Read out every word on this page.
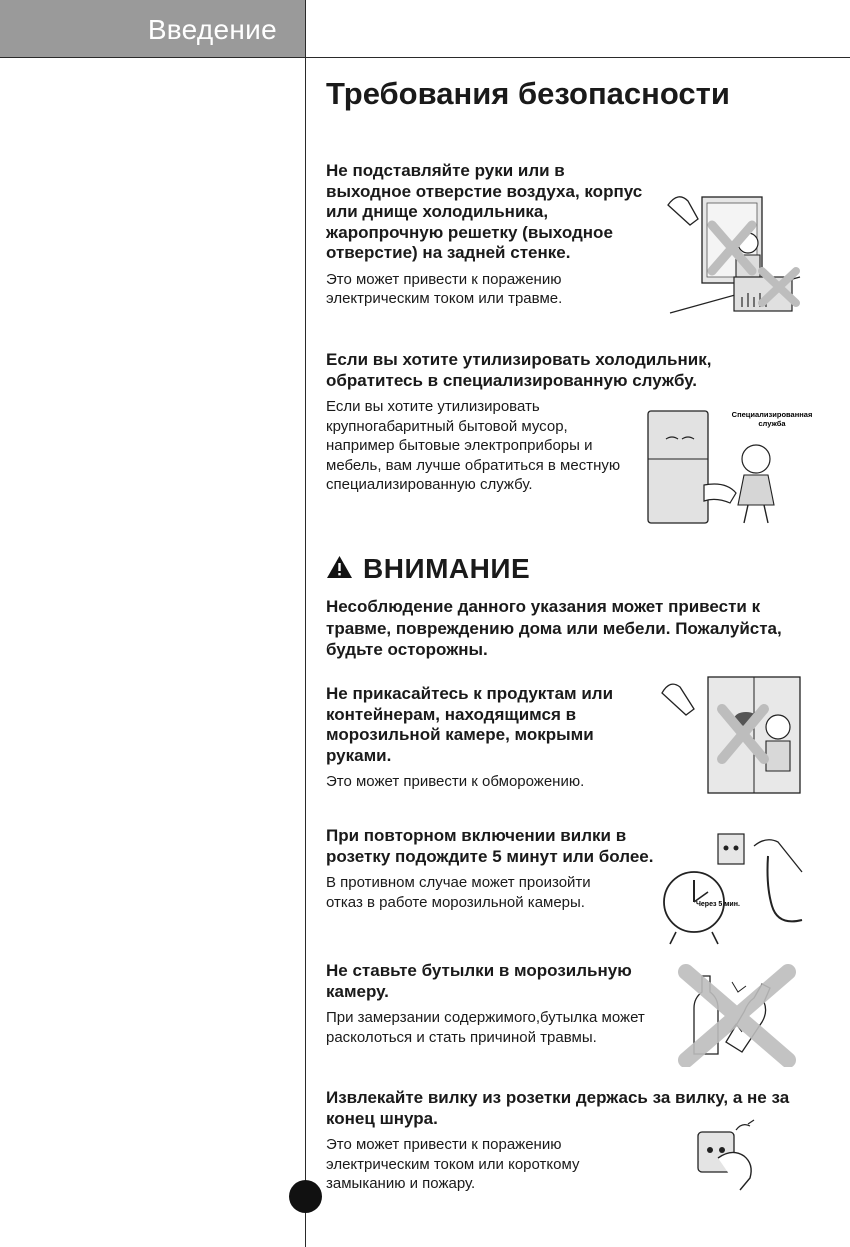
Введение
Требования безопасности

Не подставляйте руки или в выходное отверстие воздуха, корпус или днище холодильника, жаропрочную решетку (выходное отверстие) на задней стенке.

Это может привести к поражению электрическим током или травме.

Если вы хотите утилизировать холодильник, обратитесь в специализированную службу.

Если вы хотите утилизировать крупногабаритный бытовой мусор, например бытовые электроприборы и мебель, вам лучше обратиться в местную специализированную службу.

Специализированная служба
ВНИМАНИЕ

Несоблюдение данного указания может привести к травме, повреждению дома или мебели. Пожалуйста, будьте осторожны.

Не прикасайтесь к продуктам или контейнерам, находящимся в морозильной камере, мокрыми руками.

Это может привести к обморожению.

При повторном включении вилки в розетку подождите 5 минут или более.

В противном случае может произойти отказ в работе морозильной камеры.	Через 5 мин.

Не ставьте бутылки в морозильную камеру.

При замерзании содержимого,бутылка может расколоться и стать причиной травмы.

Извлекайте вилку из розетки держась за вилку, а не за конец шнура.

Это может привести к поражению электрическим током или короткому замыканию и пожару.
